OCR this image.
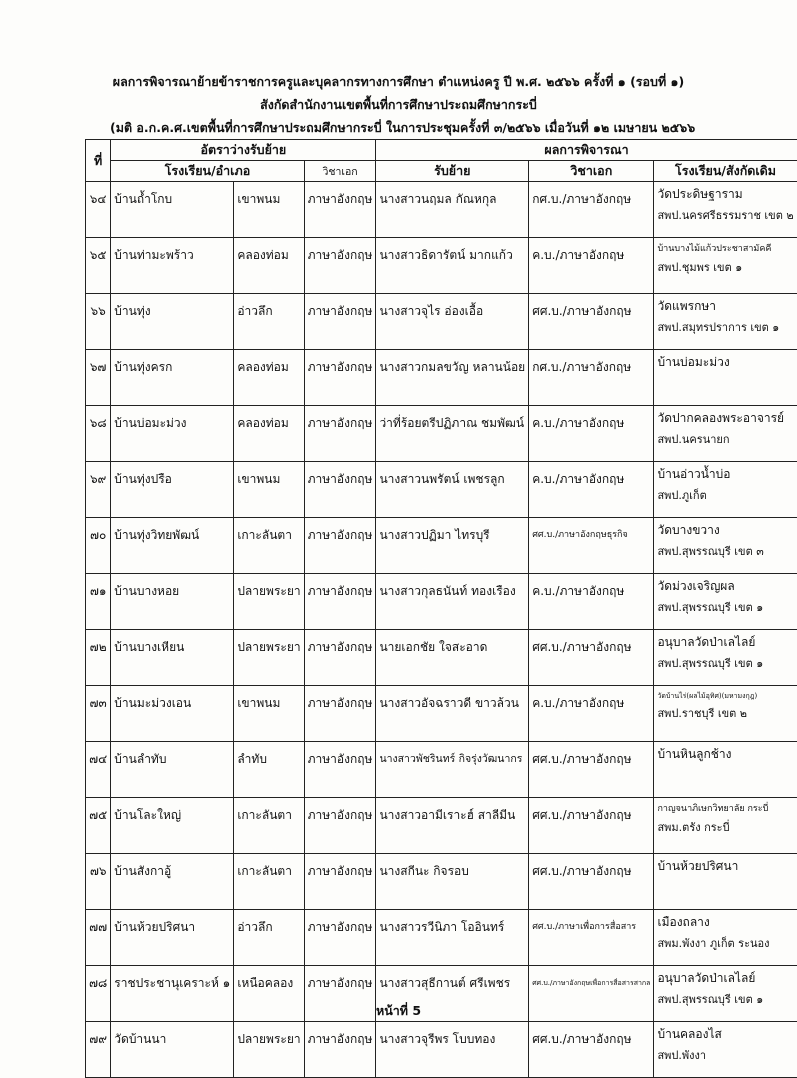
ผลการพิจารณาย้ายข้าราชการครูและบุคลากรทางการศึกษา ตำแหน่งครู ปี พ.ศ. ๒๕๖๖ ครั้งที่ ๑ (รอบที่ ๑)
สังกัดสำนักงานเขตพื้นที่การศึกษาประถมศึกษากระบี่
(มติ อ.ก.ค.ศ.เขตพื้นที่การศึกษาประถมศึกษากระบี่ ในการประชุมครั้งที่ ๓/๒๕๖๖ เมื่อวันที่ ๑๒ เมษายน ๒๕๖๖
ที่	อัตราว่างรับย้าย			ผลการพิจารณา		
	โรงเรียน/อำเภอ		วิชาเอก	รับย้าย	วิชาเอก	โรงเรียน/สังกัดเดิม
๖๔	บ้านถ้ำโกบ	เขาพนม	ภาษาอังกฤษ	นางสาวนฤมล กัณหกุล	กศ.บ./ภาษาอังกฤษ	วัดประดิษฐาราม
สพป.นครศรีธรรมราช เขต ๒

๖๕	บ้านท่ามะพร้าว	คลองท่อม	ภาษาอังกฤษ	นางสาวธิดารัตน์ มากแก้ว	ค.บ./ภาษาอังกฤษ	บ้านบางไม้แก้วประชาสามัคคี
สพป.ชุมพร เขต ๑

๖๖	บ้านทุ่ง	อ่าวลึก	ภาษาอังกฤษ	นางสาวจุไร อ่องเอื้อ	ศศ.บ./ภาษาอังกฤษ	วัดแพรกษา
สพป.สมุทรปราการ เขต ๑

๖๗	บ้านทุ่งครก	คลองท่อม	ภาษาอังกฤษ	นางสาวกมลขวัญ หลานน้อย	กศ.บ./ภาษาอังกฤษ	บ้านบ่อมะม่วง

๖๘	บ้านบ่อมะม่วง	คลองท่อม	ภาษาอังกฤษ	ว่าที่ร้อยตรีปฏิภาณ ชมพัฒน์	ค.บ./ภาษาอังกฤษ	วัดปากคลองพระอาจารย์
สพป.นครนายก

๖๙	บ้านทุ่งปรือ	เขาพนม	ภาษาอังกฤษ	นางสาวนพรัตน์ เพชรลูก	ค.บ./ภาษาอังกฤษ	บ้านอ่าวน้ำบ่อ
สพป.ภูเก็ต

๗๐	บ้านทุ่งวิทยพัฒน์	เกาะลันตา	ภาษาอังกฤษ	นางสาวปฏิมา ไทรบุรี	ศศ.บ./ภาษาอังกฤษธุรกิจ	วัดบางขวาง
สพป.สุพรรณบุรี เขต ๓

๗๑	บ้านบางหอย	ปลายพระยา	ภาษาอังกฤษ	นางสาวกุลธนันท์ ทองเรือง	ค.บ./ภาษาอังกฤษ	วัดม่วงเจริญผล
สพป.สุพรรณบุรี เขต ๑

๗๒	บ้านบางเหียน	ปลายพระยา	ภาษาอังกฤษ	นายเอกชัย ใจสะอาด	ศศ.บ./ภาษาอังกฤษ	อนุบาลวัดป่าเลไลย์
สพป.สุพรรณบุรี เขต ๑

๗๓	บ้านมะม่วงเอน	เขาพนม	ภาษาอังกฤษ	นางสาวอัจฉราวดี ขาวล้วน	ค.บ./ภาษาอังกฤษ	วัดบ้านไร่(ผลไม้อุทิศ)(มหามงกุฎ)
สพป.ราชบุรี เขต ๒

๗๔	บ้านลำทับ	ลำทับ	ภาษาอังกฤษ	นางสาวพัชรินทร์ กิจรุ่งวัฒนากร	ศศ.บ./ภาษาอังกฤษ	บ้านหินลูกช้าง

๗๕	บ้านโละใหญ่	เกาะลันตา	ภาษาอังกฤษ	นางสาวอามีเราะฮ์ สาลีมีน	ศศ.บ./ภาษาอังกฤษ	กาญจนาภิเษกวิทยาลัย กระบี่
สพม.ตรัง กระบี่

๗๖	บ้านสังกาอู้	เกาะลันตา	ภาษาอังกฤษ	นางสกีนะ กิจรอบ	ศศ.บ./ภาษาอังกฤษ	บ้านห้วยปริศนา

๗๗	บ้านห้วยปริศนา	อ่าวลึก	ภาษาอังกฤษ	นางสาวรวีนิภา โออินทร์	ศศ.บ./ภาษาเพื่อการสื่อสาร	เมืองถลาง
สพม.พังงา ภูเก็ต ระนอง

๗๘	ราชประชานุเคราะห์ ๑	เหนือคลอง	ภาษาอังกฤษ	นางสาวสุธีกานต์ ศรีเพชร	ศศ.บ./ภาษาอังกฤษเพื่อการสื่อสารสากล	อนุบาลวัดป่าเลไลย์
สพป.สุพรรณบุรี เขต ๑

๗๙	วัดบ้านนา	ปลายพระยา	ภาษาอังกฤษ	นางสาวจุรีพร โบบทอง	ศศ.บ./ภาษาอังกฤษ	บ้านคลองไส
สพป.พังงา
หน้าที่ 5
